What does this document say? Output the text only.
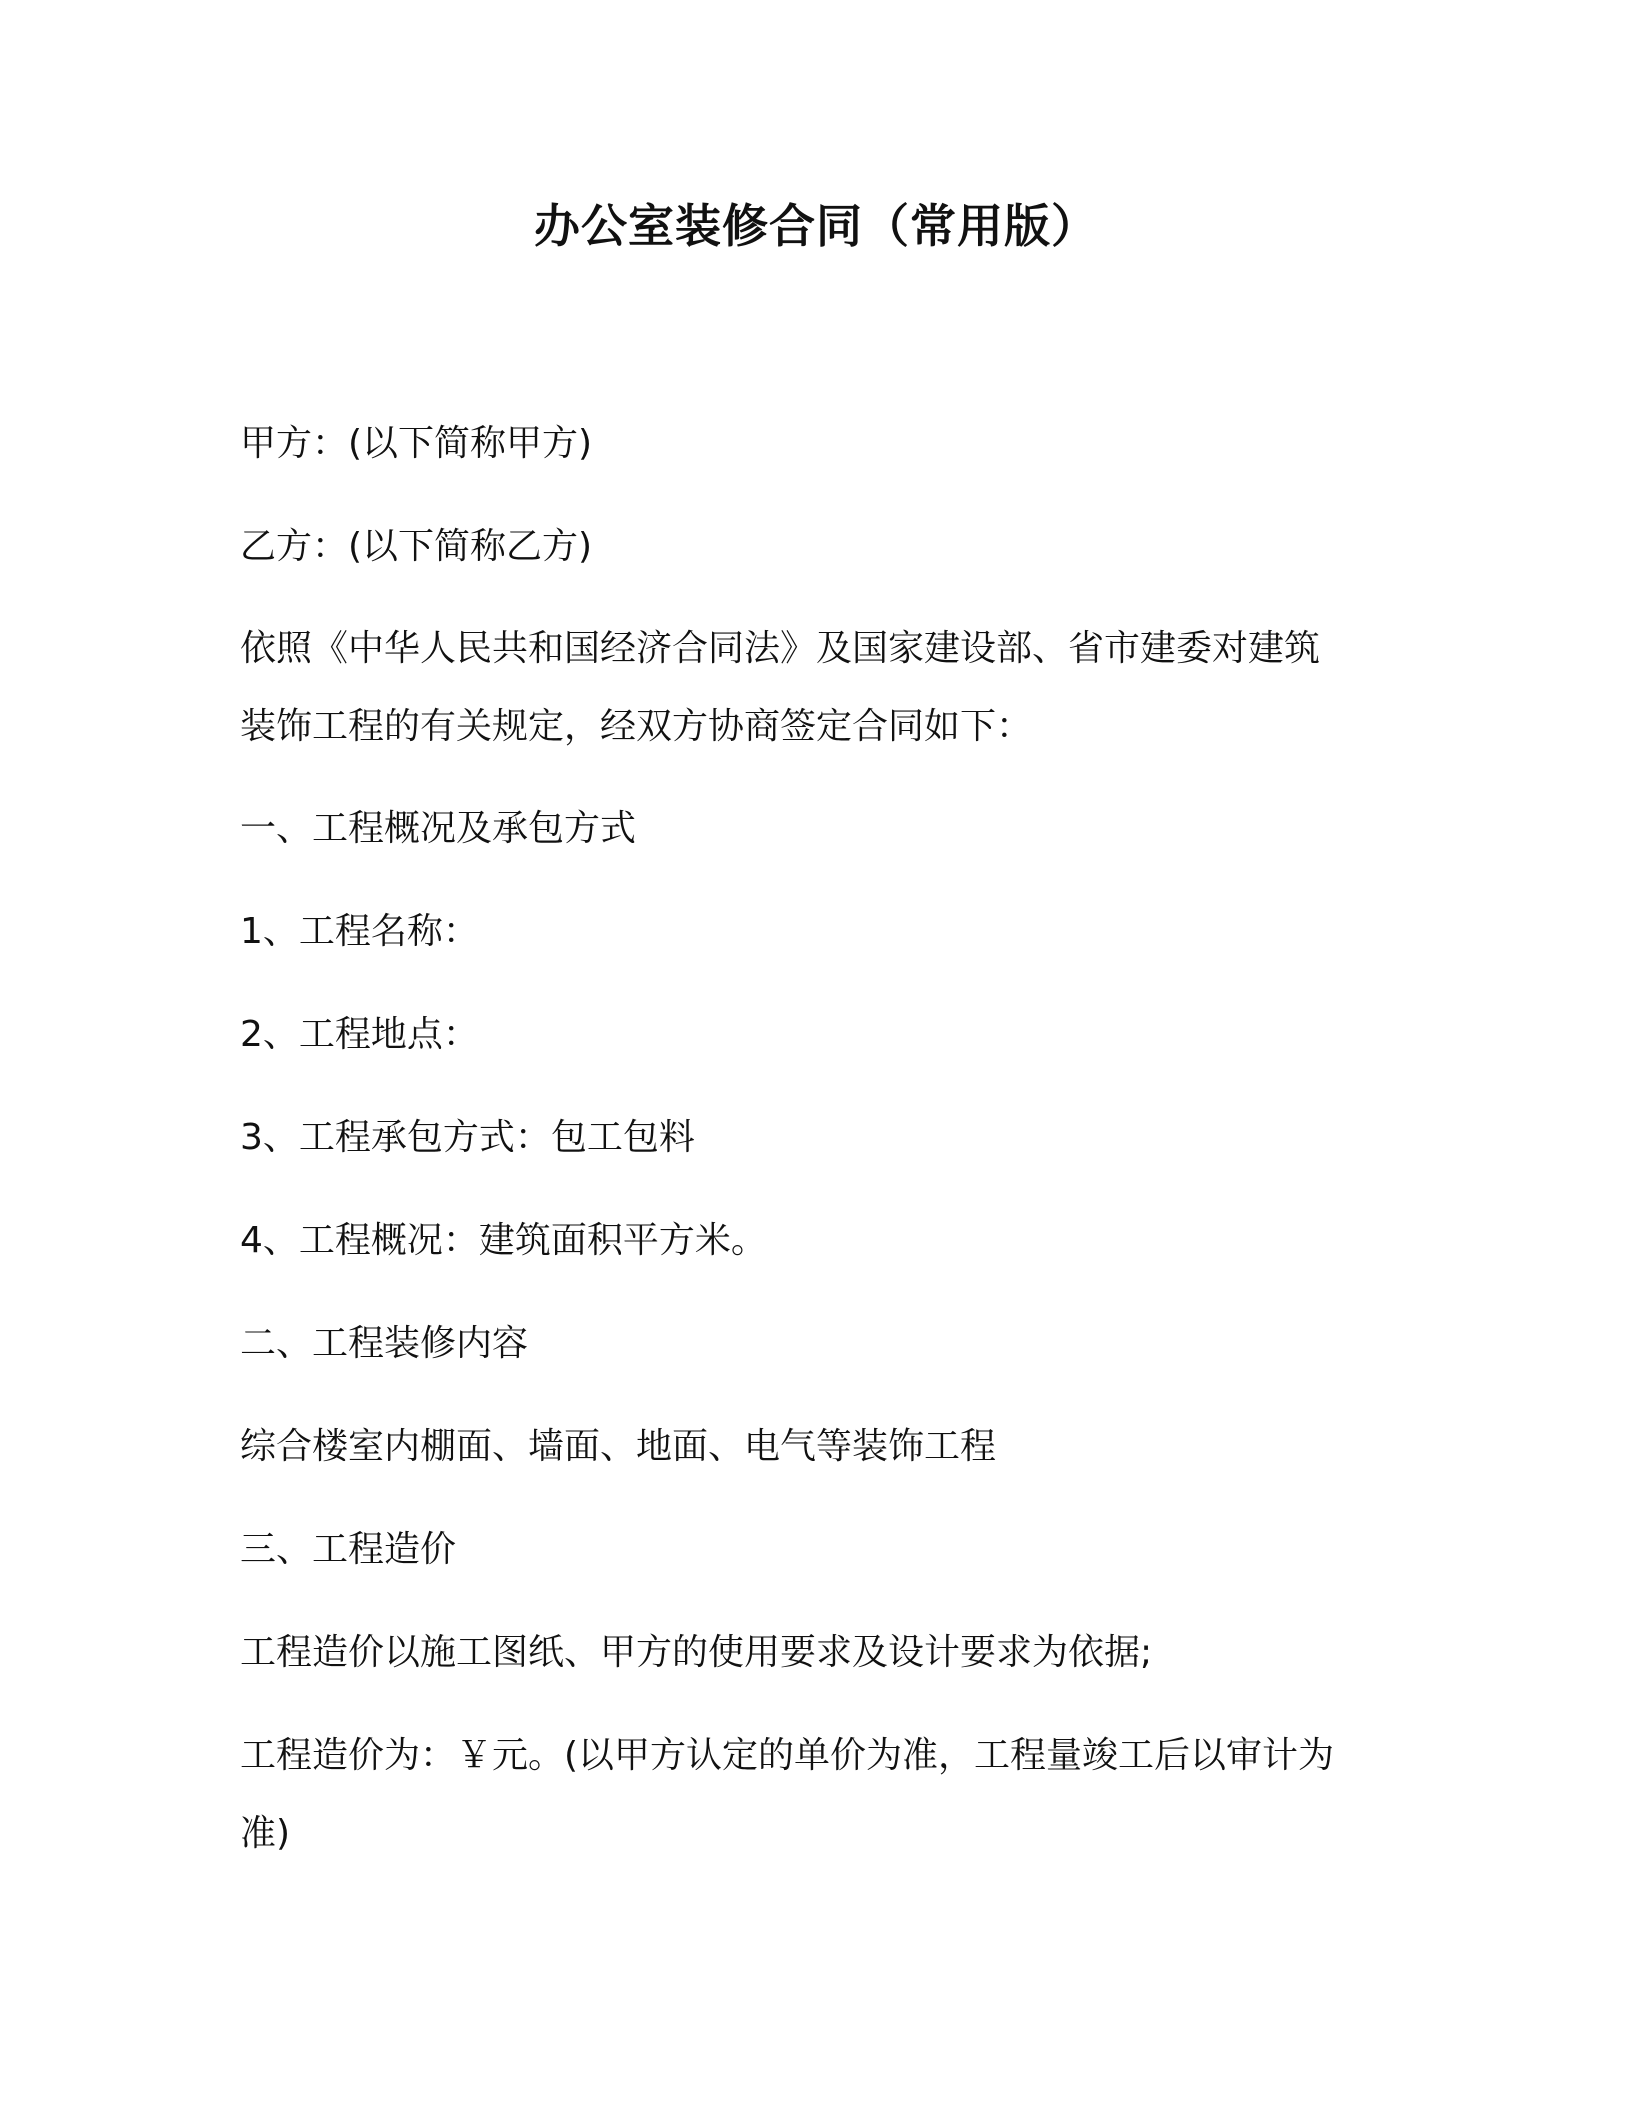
办公室装修合同（常用版）
甲方：(以下简称甲方)
乙方：(以下简称乙方)
依照《中华人民共和国经济合同法》及国家建设部、省市建委对建筑
装饰工程的有关规定，经双方协商签定合同如下：
一、工程概况及承包方式
1、工程名称：
2、工程地点：
3、工程承包方式：包工包料
4、工程概况：建筑面积平方米。
二、工程装修内容
综合楼室内棚面、墙面、地面、电气等装饰工程
三、工程造价
工程造价以施工图纸、甲方的使用要求及设计要求为依据;
工程造价为：￥元。(以甲方认定的单价为准，工程量竣工后以审计为
准)
